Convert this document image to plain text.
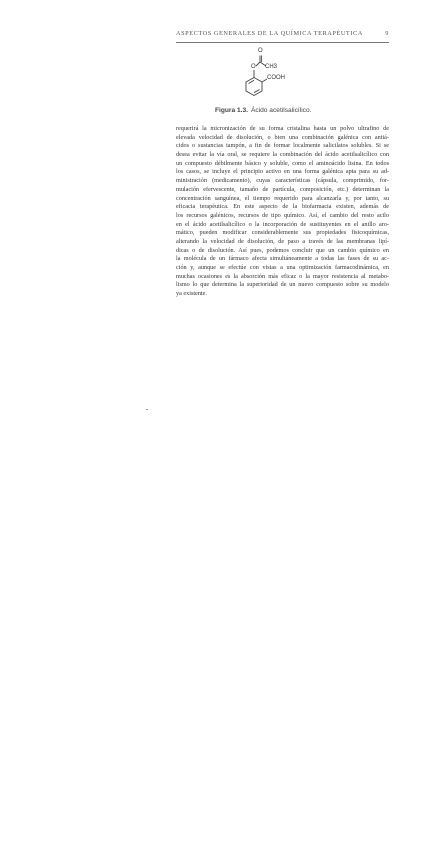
ASPECTOS GENERALES DE LA QUÍMICA TERAPÉUTICA	9
O
O CH3
COOH
Figura 1.3. Ácido acetilsalicílico.
requerirá la micronización de su forma cristalina hasta un polvo ultrafino de
elevada velocidad de disolución, o bien una combinación galénica con antiá-
cidos o sustancias tampón, a fin de formar localmente salicilatos solubles. Si se
desea evitar la vía oral, se requiere la combinación del ácido acetilsalicílico con
un compuesto débilmente básico y soluble, como el aminoácido lisina. En todos
los casos, se incluye el principio activo en una forma galénica apta para su ad-
ministración (medicamento), cuyas características (cápsula, comprimido, for-
mulación efervescente, tamaño de partícula, composición, etc.) determinan la
concentración sanguínea, el tiempo requerido para alcanzarla y, por tanto, su
eficacia terapéutica. En este aspecto de la biofarmacia existen, además de
los recursos galénicos, recursos de tipo químico. Así, el cambio del resto acilo
en el ácido acetilsalicílico o la incorporación de sustituyentes en el anillo aro-
mático, pueden modificar considerablemente sus propiedades fisicoquímicas,
alterando la velocidad de disolución, de paso a través de las membranas lipí-
dicas o de disolución. Así pues, podemos concluir que un cambio químico en
la molécula de un fármaco afecta simultáneamente a todas las fases de su ac-
ción y, aunque se efectúe con vistas a una optimización farmacodinámica, en
muchas ocasiones es la absorción más eficaz o la mayor resistencia al metabo-
lismo lo que determina la superioridad de un nuevo compuesto sobre su modelo
ya existente.
